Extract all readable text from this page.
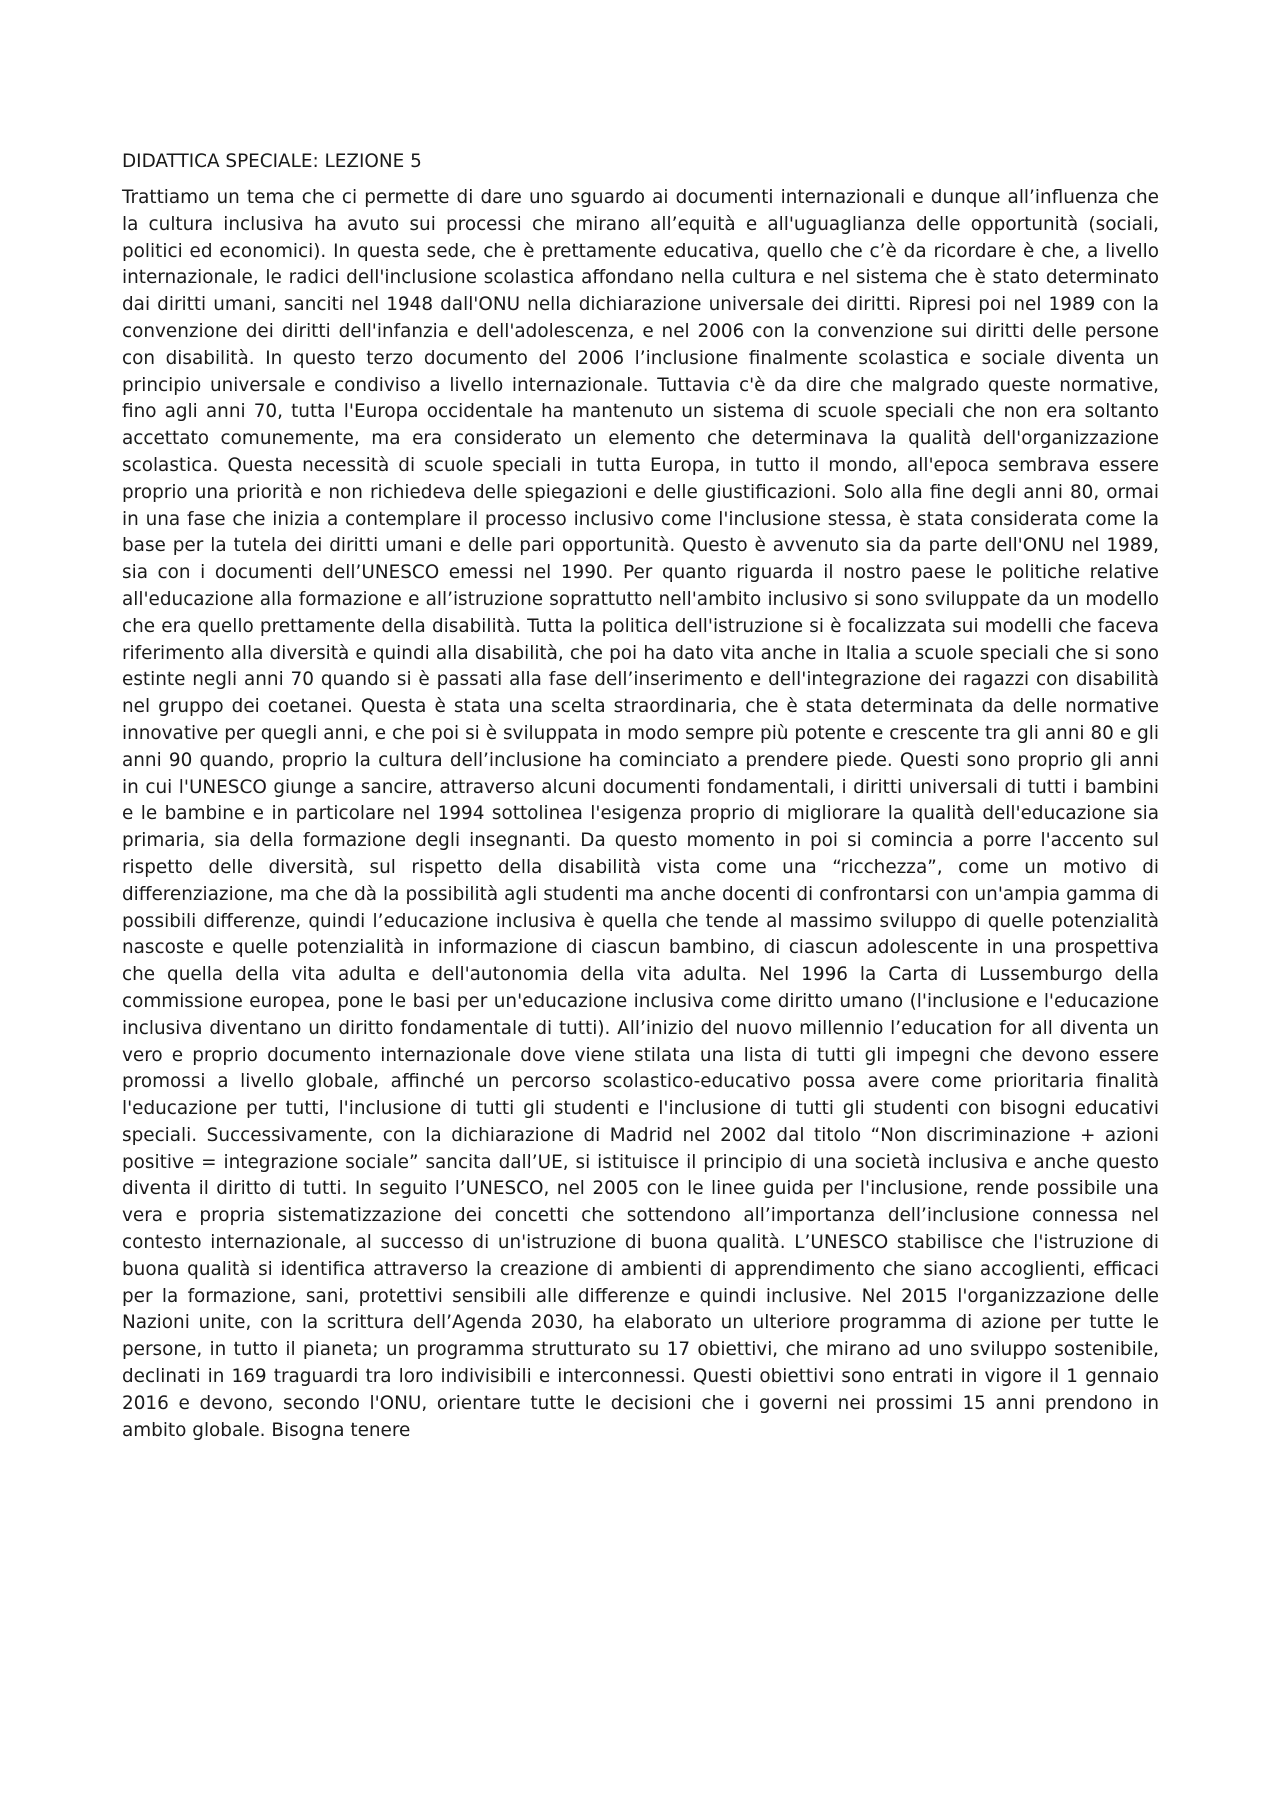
DIDATTICA SPECIALE: LEZIONE 5

Trattiamo un tema che ci permette di dare uno sguardo ai documenti internazionali e dunque all’influenza che la cultura inclusiva ha avuto sui processi che mirano all’equità e all'uguaglianza delle opportunità (sociali, politici ed economici). In questa sede, che è prettamente educativa, quello che c’è da ricordare è che, a livello internazionale, le radici dell'inclusione scolastica affondano nella cultura e nel sistema che è stato determinato dai diritti umani, sanciti nel 1948 dall'ONU nella dichiarazione universale dei diritti. Ripresi poi nel 1989 con la convenzione dei diritti dell'infanzia e dell'adolescenza, e nel 2006 con la convenzione sui diritti delle persone con disabilità. In questo terzo documento del 2006 l’inclusione finalmente scolastica e sociale diventa un principio universale e condiviso a livello internazionale. Tuttavia c'è da dire che malgrado queste normative, fino agli anni 70, tutta l'Europa occidentale ha mantenuto un sistema di scuole speciali che non era soltanto accettato comunemente, ma era considerato un elemento che determinava la qualità dell'organizzazione scolastica. Questa necessità di scuole speciali in tutta Europa, in tutto il mondo, all'epoca sembrava essere proprio una priorità e non richiedeva delle spiegazioni e delle giustificazioni. Solo alla fine degli anni 80, ormai in una fase che inizia a contemplare il processo inclusivo come l'inclusione stessa, è stata considerata come la base per la tutela dei diritti umani e delle pari opportunità. Questo è avvenuto sia da parte dell'ONU nel 1989, sia con i documenti dell’UNESCO emessi nel 1990. Per quanto riguarda il nostro paese le politiche relative all'educazione alla formazione e all’istruzione soprattutto nell'ambito inclusivo si sono sviluppate da un modello che era quello prettamente della disabilità. Tutta la politica dell'istruzione si è focalizzata sui modelli che faceva riferimento alla diversità e quindi alla disabilità, che poi ha dato vita anche in Italia a scuole speciali che si sono estinte negli anni 70 quando si è passati alla fase dell’inserimento e dell'integrazione dei ragazzi con disabilità nel gruppo dei coetanei. Questa è stata una scelta straordinaria, che è stata determinata da delle normative innovative per quegli anni, e che poi si è sviluppata in modo sempre più potente e crescente tra gli anni 80 e gli anni 90 quando, proprio la cultura dell’inclusione ha cominciato a prendere piede. Questi sono proprio gli anni in cui l'UNESCO giunge a sancire, attraverso alcuni documenti fondamentali, i diritti universali di tutti i bambini e le bambine e in particolare nel 1994 sottolinea l'esigenza proprio di migliorare la qualità dell'educazione sia primaria, sia della formazione degli insegnanti. Da questo momento in poi si comincia a porre l'accento sul rispetto delle diversità, sul rispetto della disabilità vista come una “ricchezza”, come un motivo di differenziazione, ma che dà la possibilità agli studenti ma anche docenti di confrontarsi con un'ampia gamma di possibili differenze, quindi l’educazione inclusiva è quella che tende al massimo sviluppo di quelle potenzialità nascoste e quelle potenzialità in informazione di ciascun bambino, di ciascun adolescente in una prospettiva che quella della vita adulta e dell'autonomia della vita adulta. Nel 1996 la Carta di Lussemburgo della commissione europea, pone le basi per un'educazione inclusiva come diritto umano (l'inclusione e l'educazione inclusiva diventano un diritto fondamentale di tutti). All’inizio del nuovo millennio l’education for all diventa un vero e proprio documento internazionale dove viene stilata una lista di tutti gli impegni che devono essere promossi a livello globale, affinché un percorso scolastico-educativo possa avere come prioritaria finalità l'educazione per tutti, l'inclusione di tutti gli studenti e l'inclusione di tutti gli studenti con bisogni educativi speciali. Successivamente, con la dichiarazione di Madrid nel 2002 dal titolo “Non discriminazione + azioni positive = integrazione sociale” sancita dall’UE, si istituisce il principio di una società inclusiva e anche questo diventa il diritto di tutti. In seguito l’UNESCO, nel 2005 con le linee guida per l'inclusione, rende possibile una vera e propria sistematizzazione dei concetti che sottendono all’importanza dell’inclusione connessa nel contesto internazionale, al successo di un'istruzione di buona qualità. L’UNESCO stabilisce che l'istruzione di buona qualità si identifica attraverso la creazione di ambienti di apprendimento che siano accoglienti, efficaci per la formazione, sani, protettivi sensibili alle differenze e quindi inclusive. Nel 2015 l'organizzazione delle Nazioni unite, con la scrittura dell’Agenda 2030, ha elaborato un ulteriore programma di azione per tutte le persone, in tutto il pianeta; un programma strutturato su 17 obiettivi, che mirano ad uno sviluppo sostenibile, declinati in 169 traguardi tra loro indivisibili e interconnessi. Questi obiettivi sono entrati in vigore il 1 gennaio 2016 e devono, secondo l'ONU, orientare tutte le decisioni che i governi nei prossimi 15 anni prendono in ambito globale. Bisogna tenere
